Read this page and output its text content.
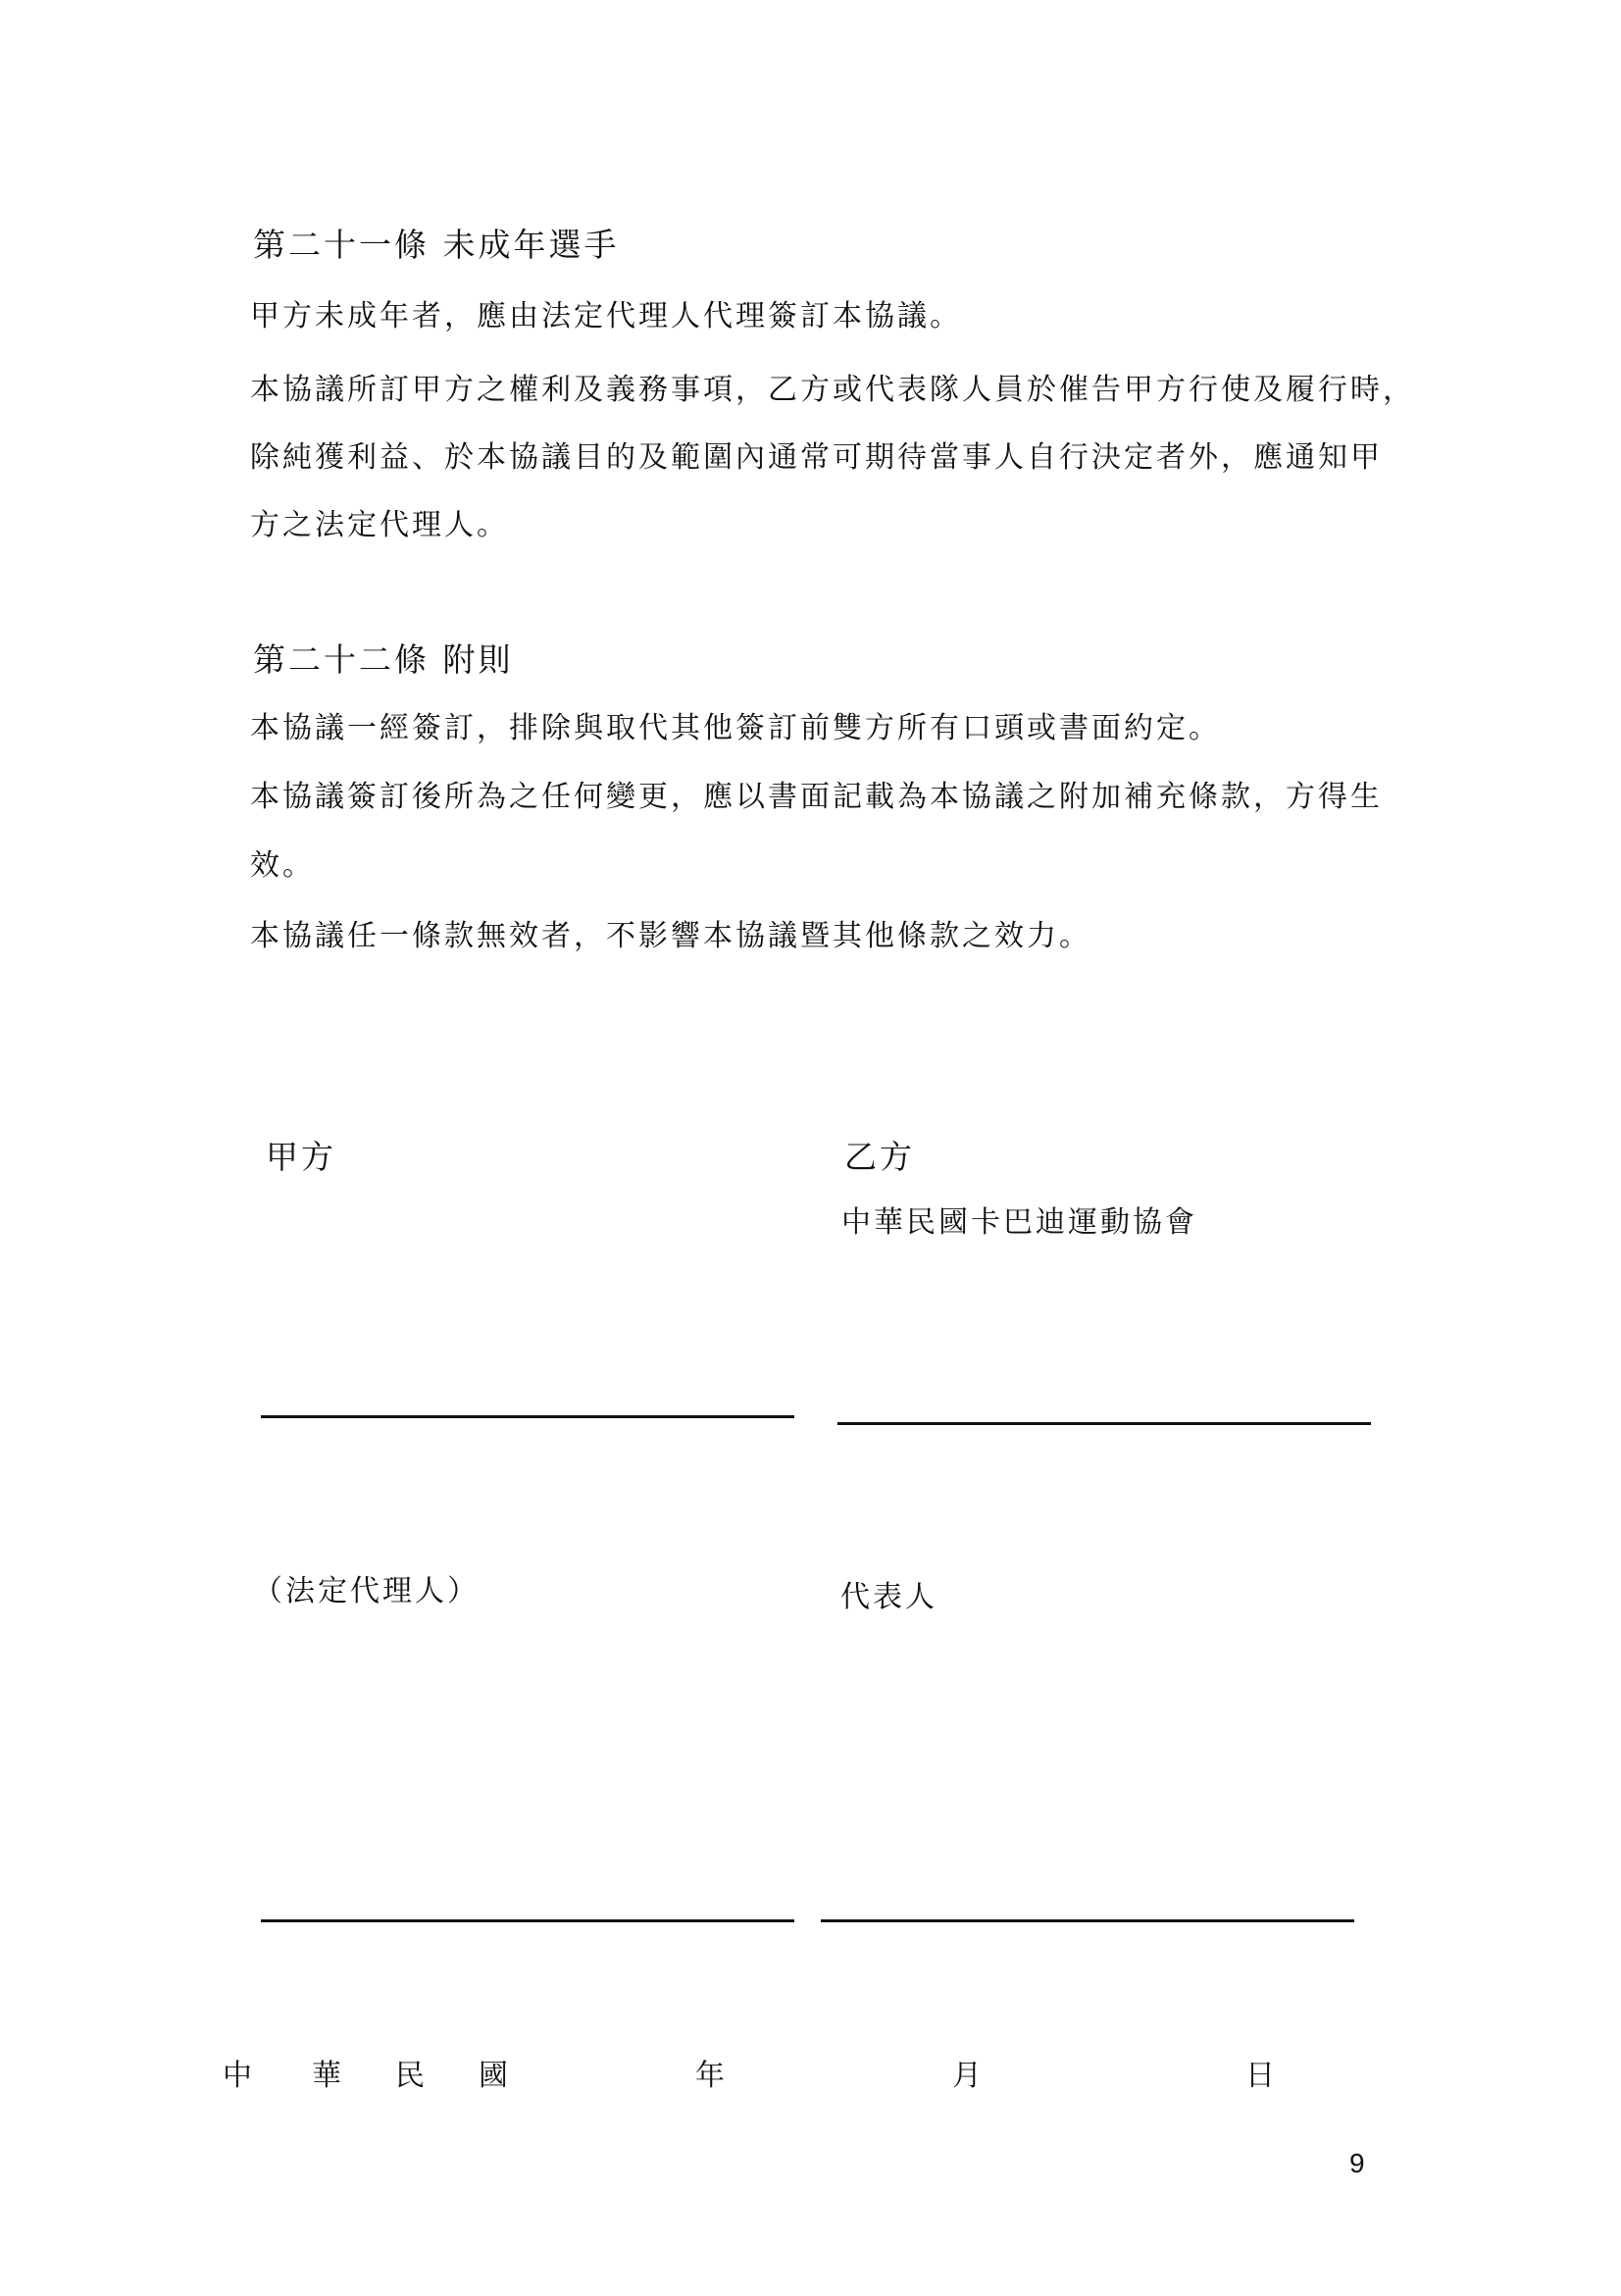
第二十一條 未成年選手
甲方未成年者，應由法定代理人代理簽訂本協議。
本協議所訂甲方之權利及義務事項，乙方或代表隊人員於催告甲方行使及履行時，
除純獲利益、於本協議目的及範圍內通常可期待當事人自行決定者外，應通知甲
方之法定代理人。
第二十二條 附則
本協議一經簽訂，排除與取代其他簽訂前雙方所有口頭或書面約定。
本協議簽訂後所為之任何變更，應以書面記載為本協議之附加補充條款，方得生
效。
本協議任一條款無效者，不影響本協議暨其他條款之效力。
甲方	乙方
中華民國卡巴迪運動協會
（法定代理人）	代表人
中 華 民 國	年	月	日
9
